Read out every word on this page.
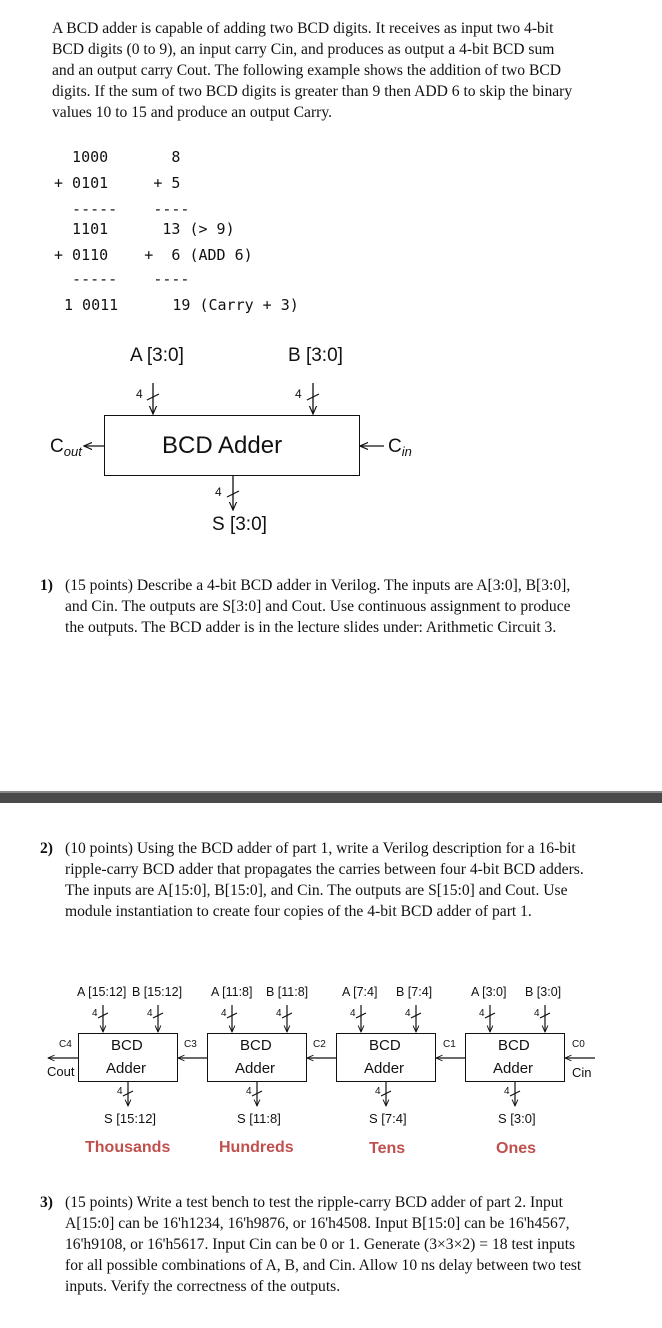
A BCD adder is capable of adding two BCD digits. It receives as input two 4-bit
BCD digits (0 to 9), an input carry Cin, and produces as output a 4-bit BCD sum
and an output carry Cout. The following example shows the addition of two BCD
digits. If the sum of two BCD digits is greater than 9 then ADD 6 to skip the binary
values 10 to 15 and produce an output Carry.
1000       8
+ 0101     + 5
-----    ----
1101      13 (> 9)
+ 0110    +  6 (ADD 6)
-----    ----
1 0011      19 (Carry + 3)
BCD Adder
A [3:0]	B [3:0]
4	4
4
S [3:0]
$C_{out}$	$C_{in}$
1) (15 points) Describe a 4-bit BCD adder in Verilog. The inputs are A[3:0], B[3:0],
and Cin. The outputs are S[3:0] and Cout. Use continuous assignment to produce
the outputs. The BCD adder is in the lecture slides under: Arithmetic Circuit 3.
2) (10 points) Using the BCD adder of part 1, write a Verilog description for a 16-bit
ripple-carry BCD adder that propagates the carries between four 4-bit BCD adders.
The inputs are A[15:0], B[15:0], and Cin. The outputs are S[15:0] and Cout. Use
module instantiation to create four copies of the 4-bit BCD adder of part 1.
BCD
Adder
BCD
Adder
BCD
Adder
BCD
Adder
A [15:12] B [15:12] A [11:8] B [11:8]	A [7:4] B [7:4]	A [3:0] B [3:0]
4	4
4
4	4
4
4	4
4
4	4
4
S [15:12]	S [11:8]	S [7:4]	S [3:0]
Thousands	Hundreds	Tens	Ones
C4	C3	C2	C1	C0
Cout	Cin
3) (15 points) Write a test bench to test the ripple-carry BCD adder of part 2. Input
A[15:0] can be 16'h1234, 16'h9876, or 16'h4508. Input B[15:0] can be 16'h4567,
16'h9108, or 16'h5617. Input Cin can be 0 or 1. Generate (3×3×2) = 18 test inputs
for all possible combinations of A, B, and Cin. Allow 10 ns delay between two test
inputs. Verify the correctness of the outputs.
